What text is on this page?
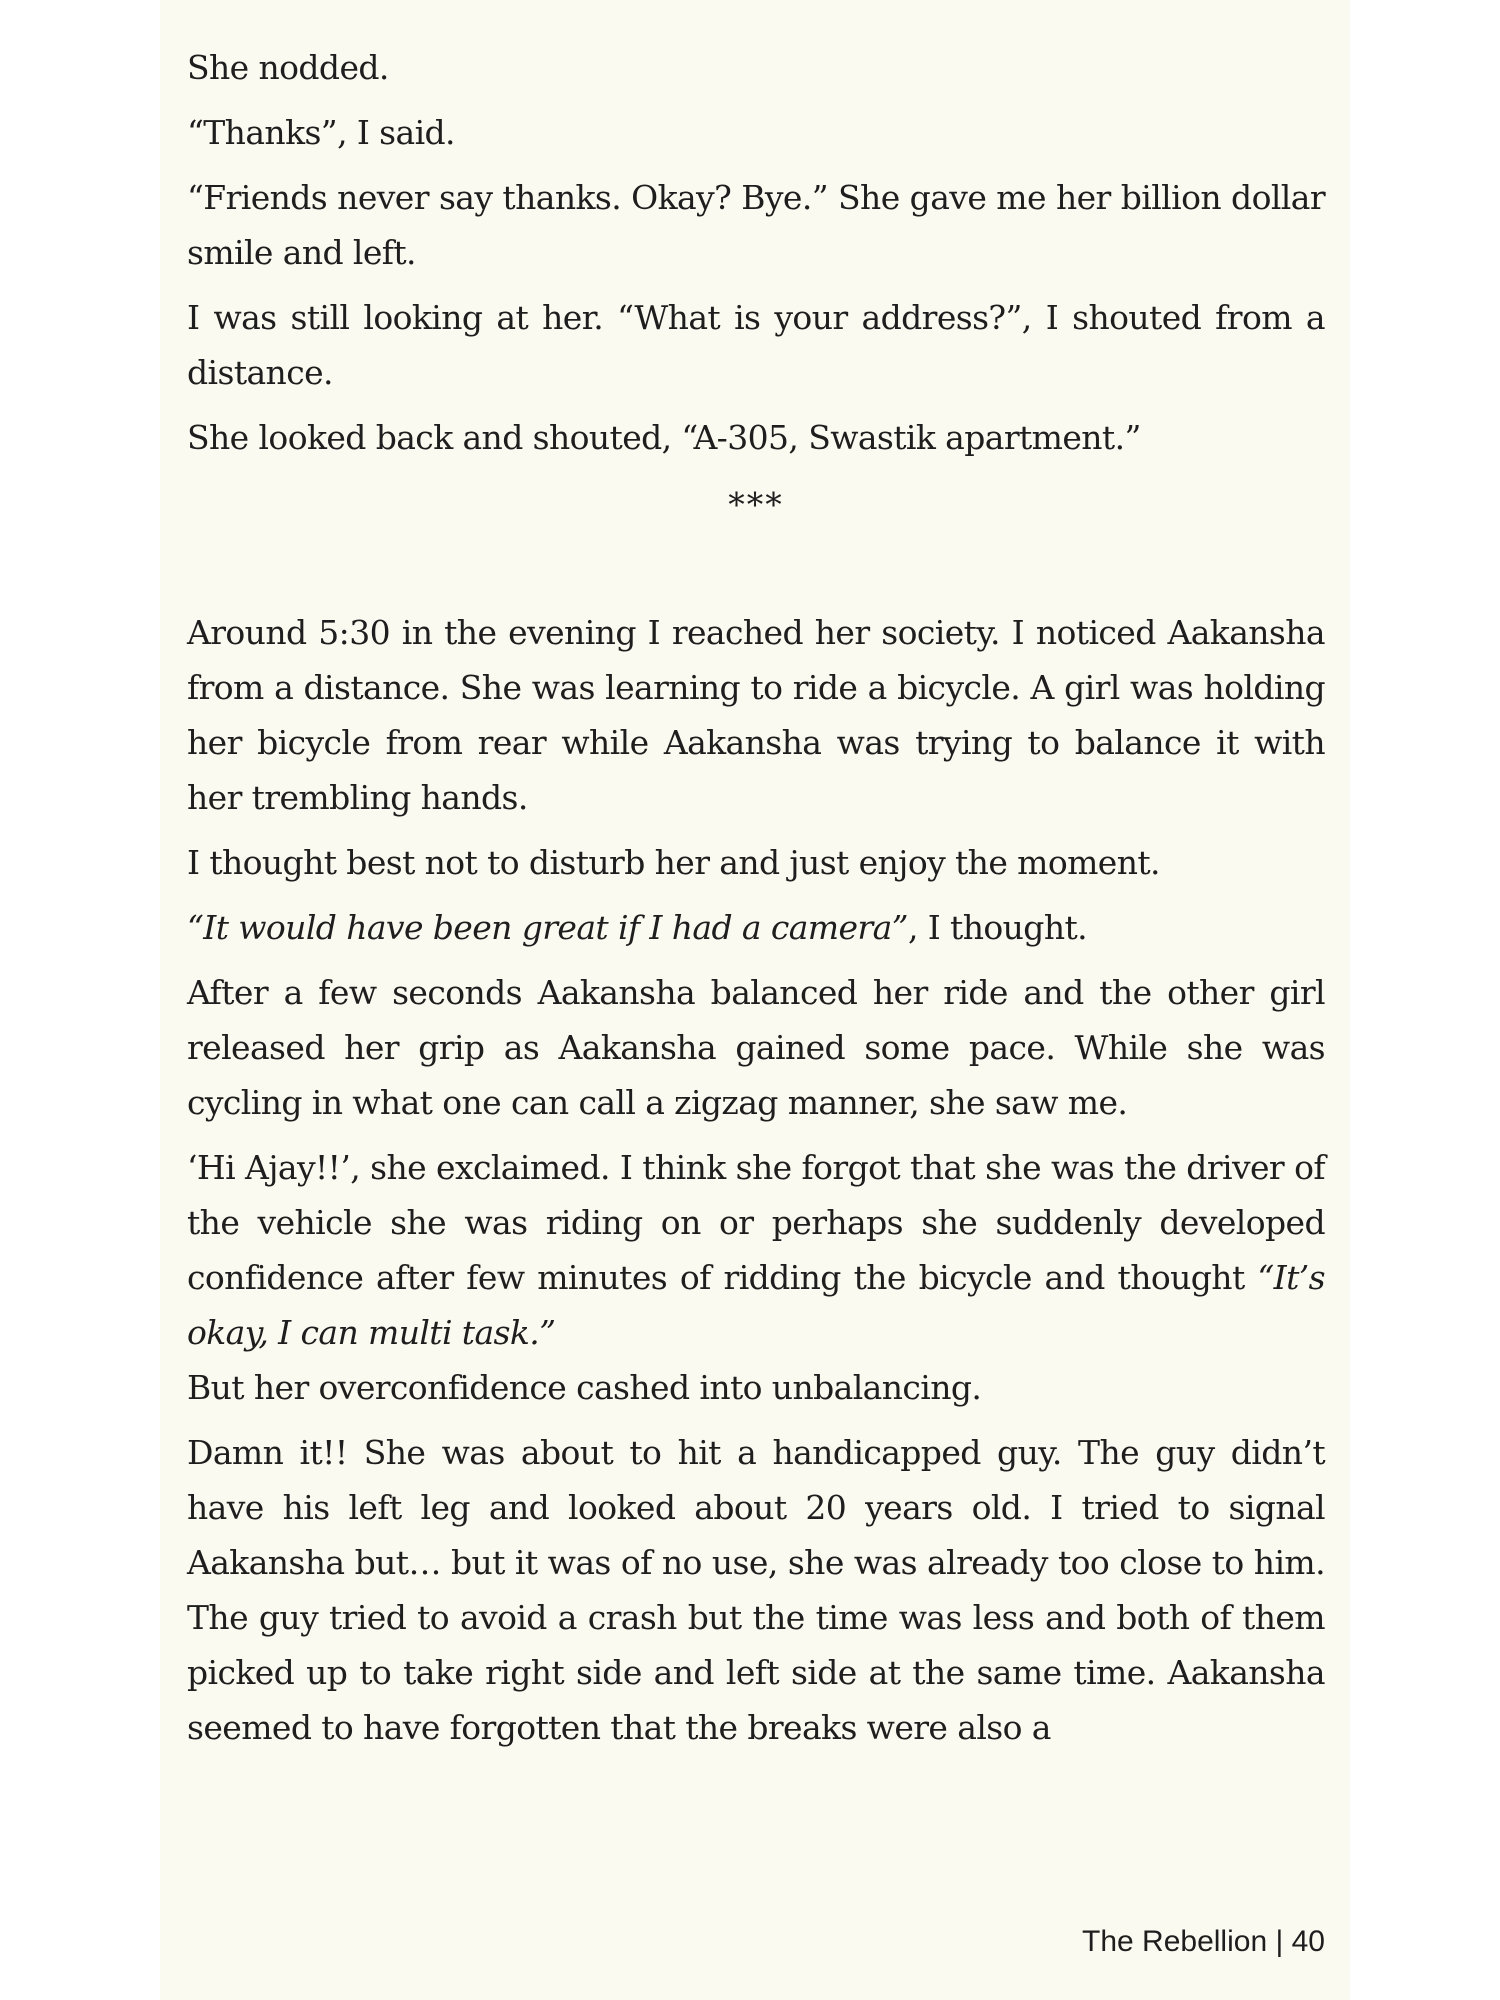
She nodded.

“Thanks”, I said.

“Friends never say thanks. Okay? Bye.” She gave me her billion dollar smile and left.

I was still looking at her. “What is your address?”, I shouted from a distance.

She looked back and shouted, “A-305, Swastik apartment.”

***

Around 5:30 in the evening I reached her society. I noticed Aakansha from a distance. She was learning to ride a bicycle. A girl was holding her bicycle from rear while Aakansha was trying to balance it with her trembling hands.

I thought best not to disturb her and just enjoy the moment.

“It would have been great if I had a camera”, I thought.

After a few seconds Aakansha balanced her ride and the other girl released her grip as Aakansha gained some pace. While she was cycling in what one can call a zigzag manner, she saw me.

‘Hi Ajay!!’, she exclaimed. I think she forgot that she was the driver of the vehicle she was riding on or perhaps she suddenly developed confidence after few minutes of ridding the bicycle and thought “It’s okay, I can multi task.”

But her overconfidence cashed into unbalancing.

Damn it!! She was about to hit a handicapped guy. The guy didn’t have his left leg and looked about 20 years old. I tried to signal Aakansha but… but it was of no use, she was already too close to him. The guy tried to avoid a crash but the time was less and both of them picked up to take right side and left side at the same time. Aakansha seemed to have forgotten that the breaks were also a

The Rebellion | 40
